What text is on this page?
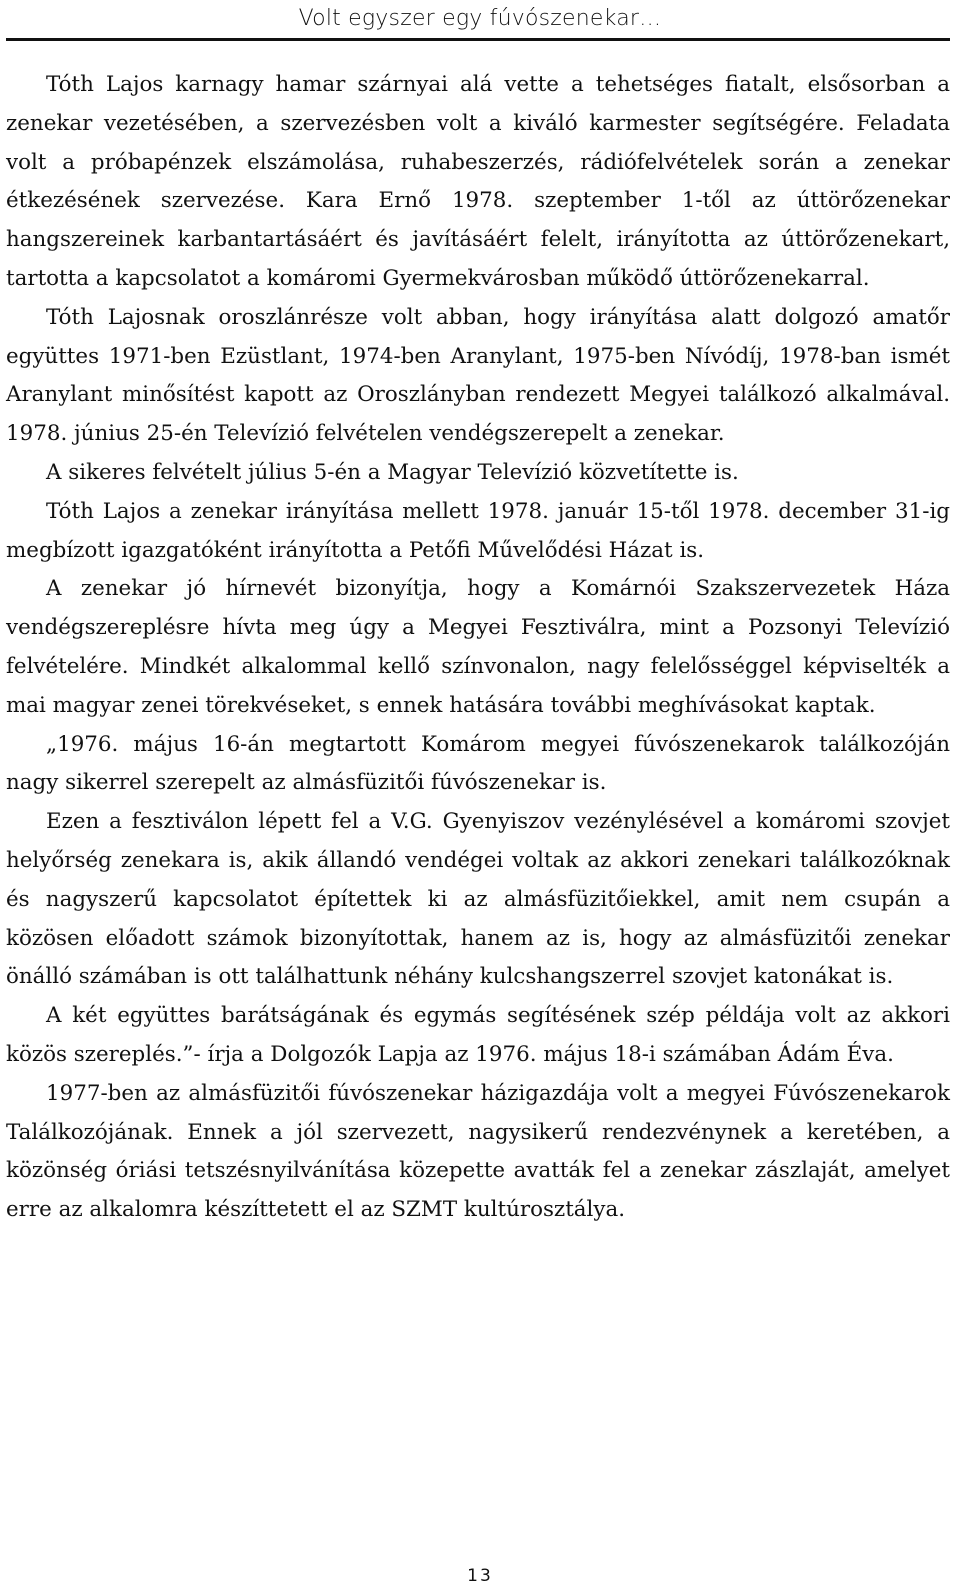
Volt egyszer egy fúvószenekar…

Tóth Lajos karnagy hamar szárnyai alá vette a tehetséges fiatalt, elsősorban a zenekar vezetésében, a szervezésben volt a kiváló karmester segítségére. Feladata volt a próbapénzek elszámolása, ruhabeszerzés, rádiófelvételek során a zenekar étkezésének szervezése. Kara Ernő 1978. szeptember 1-től az úttörőzenekar hangszereinek karbantartásáért és javításáért felelt, irányította az úttörőzenekart, tartotta a kapcsolatot a komáromi Gyermekvárosban működő úttörőzenekarral.

Tóth Lajosnak oroszlánrésze volt abban, hogy irányítása alatt dolgozó amatőr együttes 1971-ben Ezüstlant, 1974-ben Aranylant, 1975-ben Nívódíj, 1978-ban ismét Aranylant minősítést kapott az Oroszlányban rendezett Megyei találkozó alkalmával. 1978. június 25-én Televízió felvételen vendégszerepelt a zenekar.

A sikeres felvételt július 5-én a Magyar Televízió közvetítette is.

Tóth Lajos a zenekar irányítása mellett 1978. január 15-től 1978. december 31-ig megbízott igazgatóként irányította a Petőfi Művelődési Házat is.

A zenekar jó hírnevét bizonyítja, hogy a Komárnói Szakszervezetek Háza vendégszereplésre hívta meg úgy a Megyei Fesztiválra, mint a Pozsonyi Televízió felvételére. Mindkét alkalommal kellő színvonalon, nagy felelősséggel képviselték a mai magyar zenei törekvéseket, s ennek hatására további meghívásokat kaptak.

„1976. május 16-án megtartott Komárom megyei fúvószenekarok találkozóján nagy sikerrel szerepelt az almásfüzitői fúvószenekar is.

Ezen a fesztiválon lépett fel a V.G. Gyenyiszov vezénylésével a komáromi szovjet helyőrség zenekara is, akik állandó vendégei voltak az akkori zenekari találkozóknak és nagyszerű kapcsolatot építettek ki az almásfüzitőiekkel, amit nem csupán a közösen előadott számok bizonyítottak, hanem az is, hogy az almásfüzitői zenekar önálló számában is ott találhattunk néhány kulcshangszerrel szovjet katonákat is.

A két együttes barátságának és egymás segítésének szép példája volt az akkori közös szereplés.”- írja a Dolgozók Lapja az 1976. május 18-i számában Ádám Éva.

1977-ben az almásfüzitői fúvószenekar házigazdája volt a megyei Fúvószenekarok Találkozójának. Ennek a jól szervezett, nagysikerű rendezvénynek a keretében, a közönség óriási tetszésnyilvánítása közepette avatták fel a zenekar zászlaját, amelyet erre az alkalomra készíttetett el az SZMT kultúrosztálya.

13
